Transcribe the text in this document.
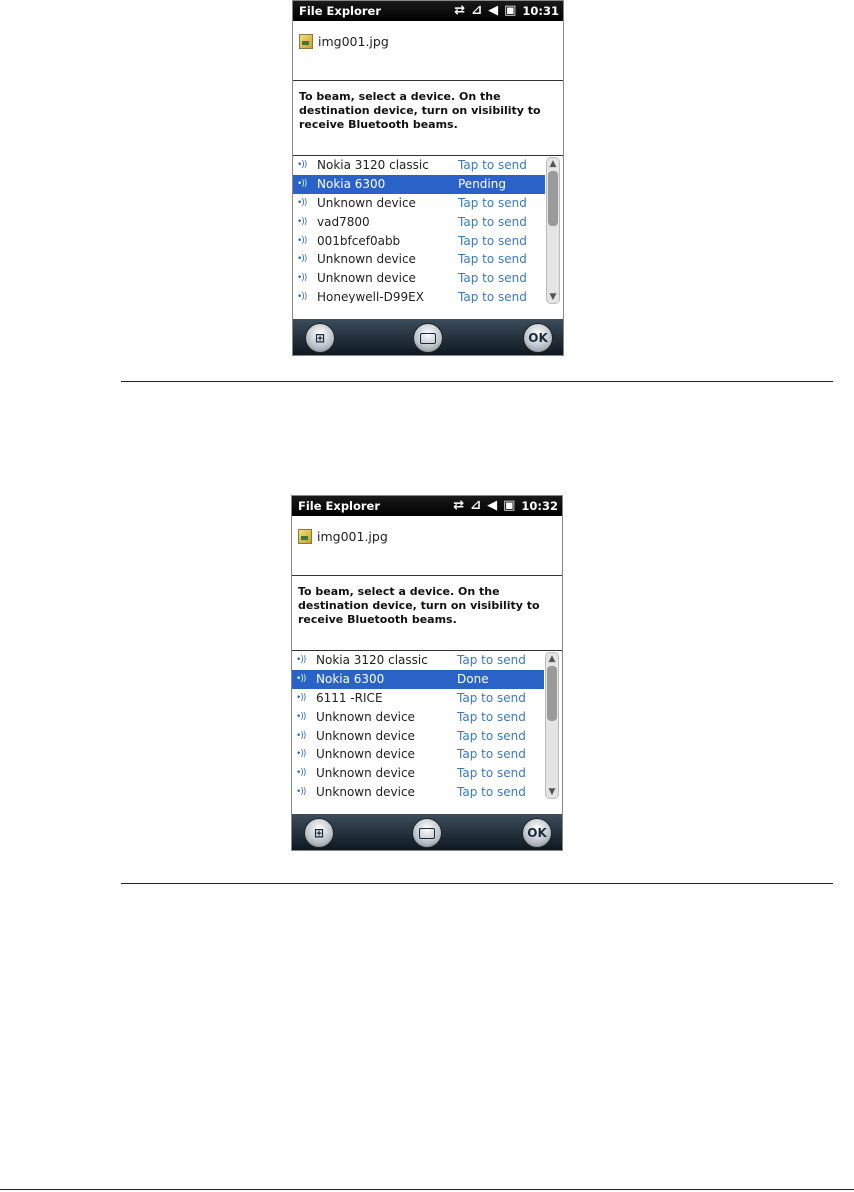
File Explorer	⇄ ⊿ ◀ ▣ 10:31
img001.jpg
To beam, select a device. On the destination device, turn on visibility to receive Bluetooth beams.
•)) Nokia 3120 classic Tap to send
•)) Nokia 6300	Pending
•)) Unknown device	Tap to send
•)) vad7800	Tap to send
•)) 001bfcef0abb	Tap to send
•)) Unknown device	Tap to send
•)) Unknown device	Tap to send
•)) Honeywell-D99EX	Tap to send
▲
▼
⊞	OK
File Explorer	⇄ ⊿ ◀ ▣ 10:32
img001.jpg
To beam, select a device. On the destination device, turn on visibility to receive Bluetooth beams.
•)) Nokia 3120 classic Tap to send
•)) Nokia 6300	Done
•)) 6111 -RICE	Tap to send
•)) Unknown device	Tap to send
•)) Unknown device	Tap to send
•)) Unknown device	Tap to send
•)) Unknown device	Tap to send
•)) Unknown device	Tap to send
▲
▼
⊞	OK
